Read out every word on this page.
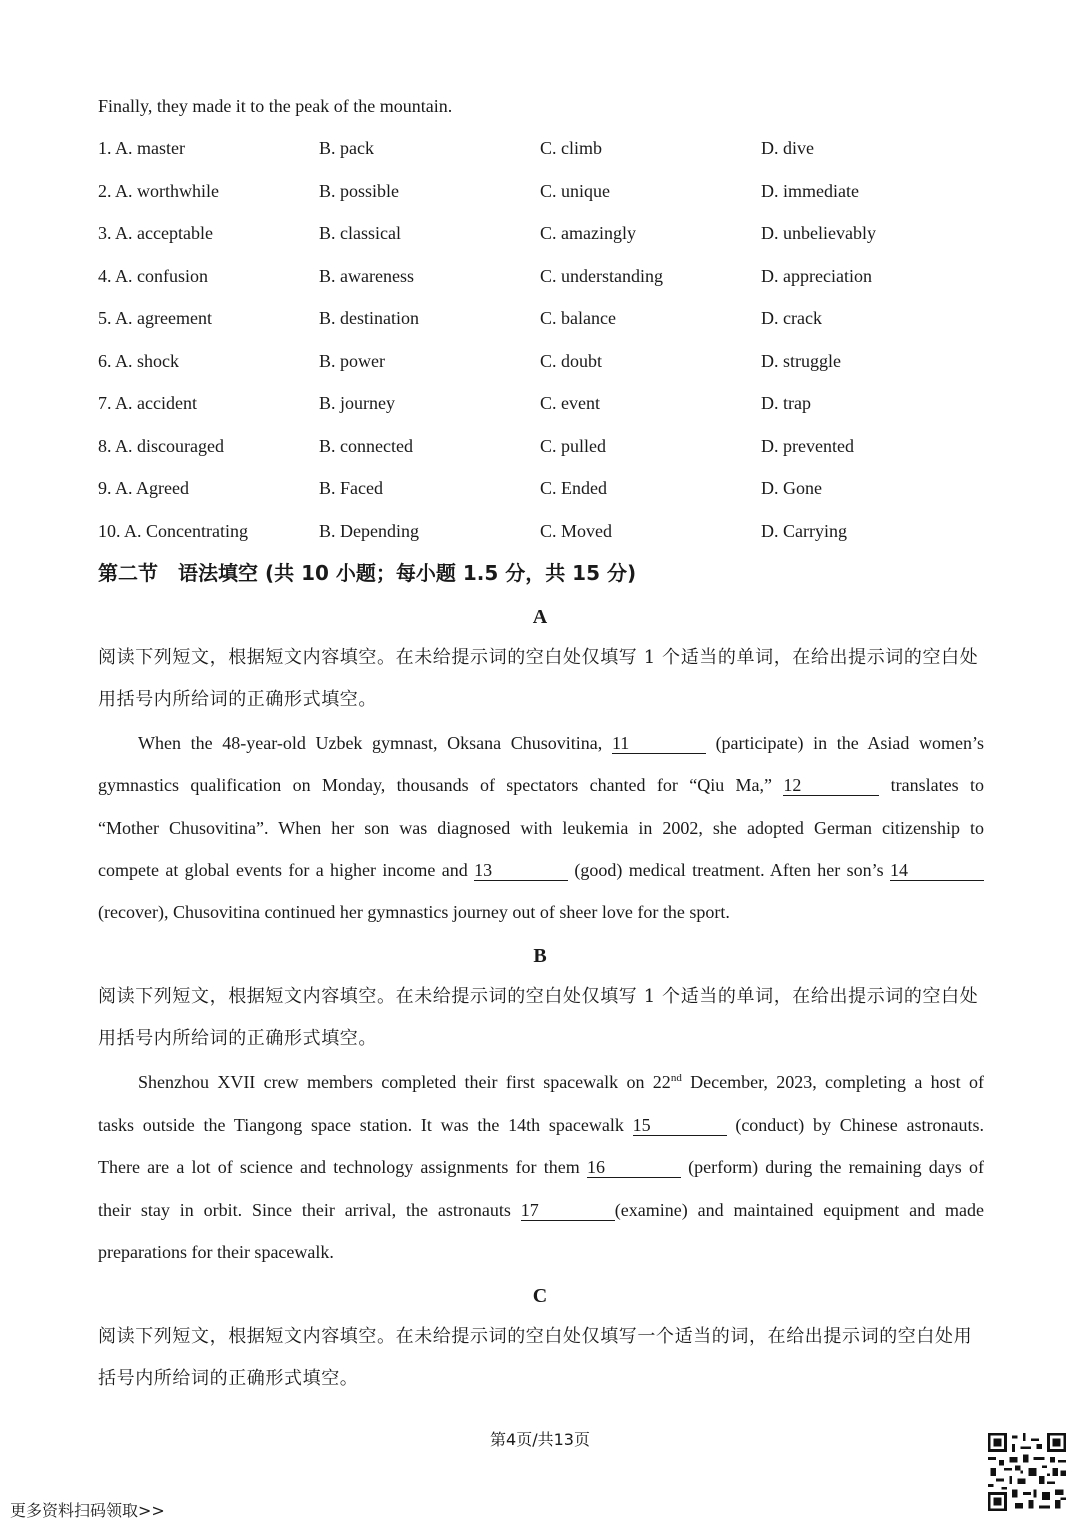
Finally, they made it to the peak of the mountain.
1. A. master	B. pack	C. climb	D. dive
2. A. worthwhile	B. possible	C. unique	D. immediate
3. A. acceptable	B. classical	C. amazingly	D. unbelievably
4. A. confusion	B. awareness	C. understanding	D. appreciation
5. A. agreement	B. destination	C. balance	D. crack
6. A. shock	B. power	C. doubt	D. struggle
7. A. accident	B. journey	C. event	D. trap
8. A. discouraged	B. connected	C. pulled	D. prevented
9. A. Agreed	B. Faced	C. Ended	D. Gone
10. A. Concentrating	B. Depending	C. Moved	D. Carrying
第二节　语法填空 (共 10 小题；每小题 1.5 分，共 15 分)
A
阅读下列短文，根据短文内容填空。在未给提示词的空白处仅填写 1 个适当的单词，在给出提示词的空白处
用括号内所给词的正确形式填空。
When the 48-year-old Uzbek gymnast, Oksana Chusovitina, 11	(participate) in the Asiad women’s
gymnastics qualification on Monday, thousands of spectators chanted for “Qiu Ma,” 12	translates to
“Mother Chusovitina”. When her son was diagnosed with leukemia in 2002, she adopted German citizenship to
compete at global events for a higher income and 13	(good) medical treatment. Aften her son’s 14
(recover), Chusovitina continued her gymnastics journey out of sheer love for the sport.
B
阅读下列短文，根据短文内容填空。在未给提示词的空白处仅填写 1 个适当的单词，在给出提示词的空白处
用括号内所给词的正确形式填空。
Shenzhou XVII crew members completed their first spacewalk on 22nd December, 2023, completing a host of
tasks outside the Tiangong space station. It was the 14th spacewalk 15	(conduct) by Chinese astronauts.
There are a lot of science and technology assignments for them 16	(perform) during the remaining days of
their stay in orbit. Since their arrival, the astronauts 17	(examine) and maintained equipment and made
preparations for their spacewalk.
C
阅读下列短文，根据短文内容填空。在未给提示词的空白处仅填写一个适当的词，在给出提示词的空白处用
括号内所给词的正确形式填空。
第4页/共13页
更多资料扫码领取>>
